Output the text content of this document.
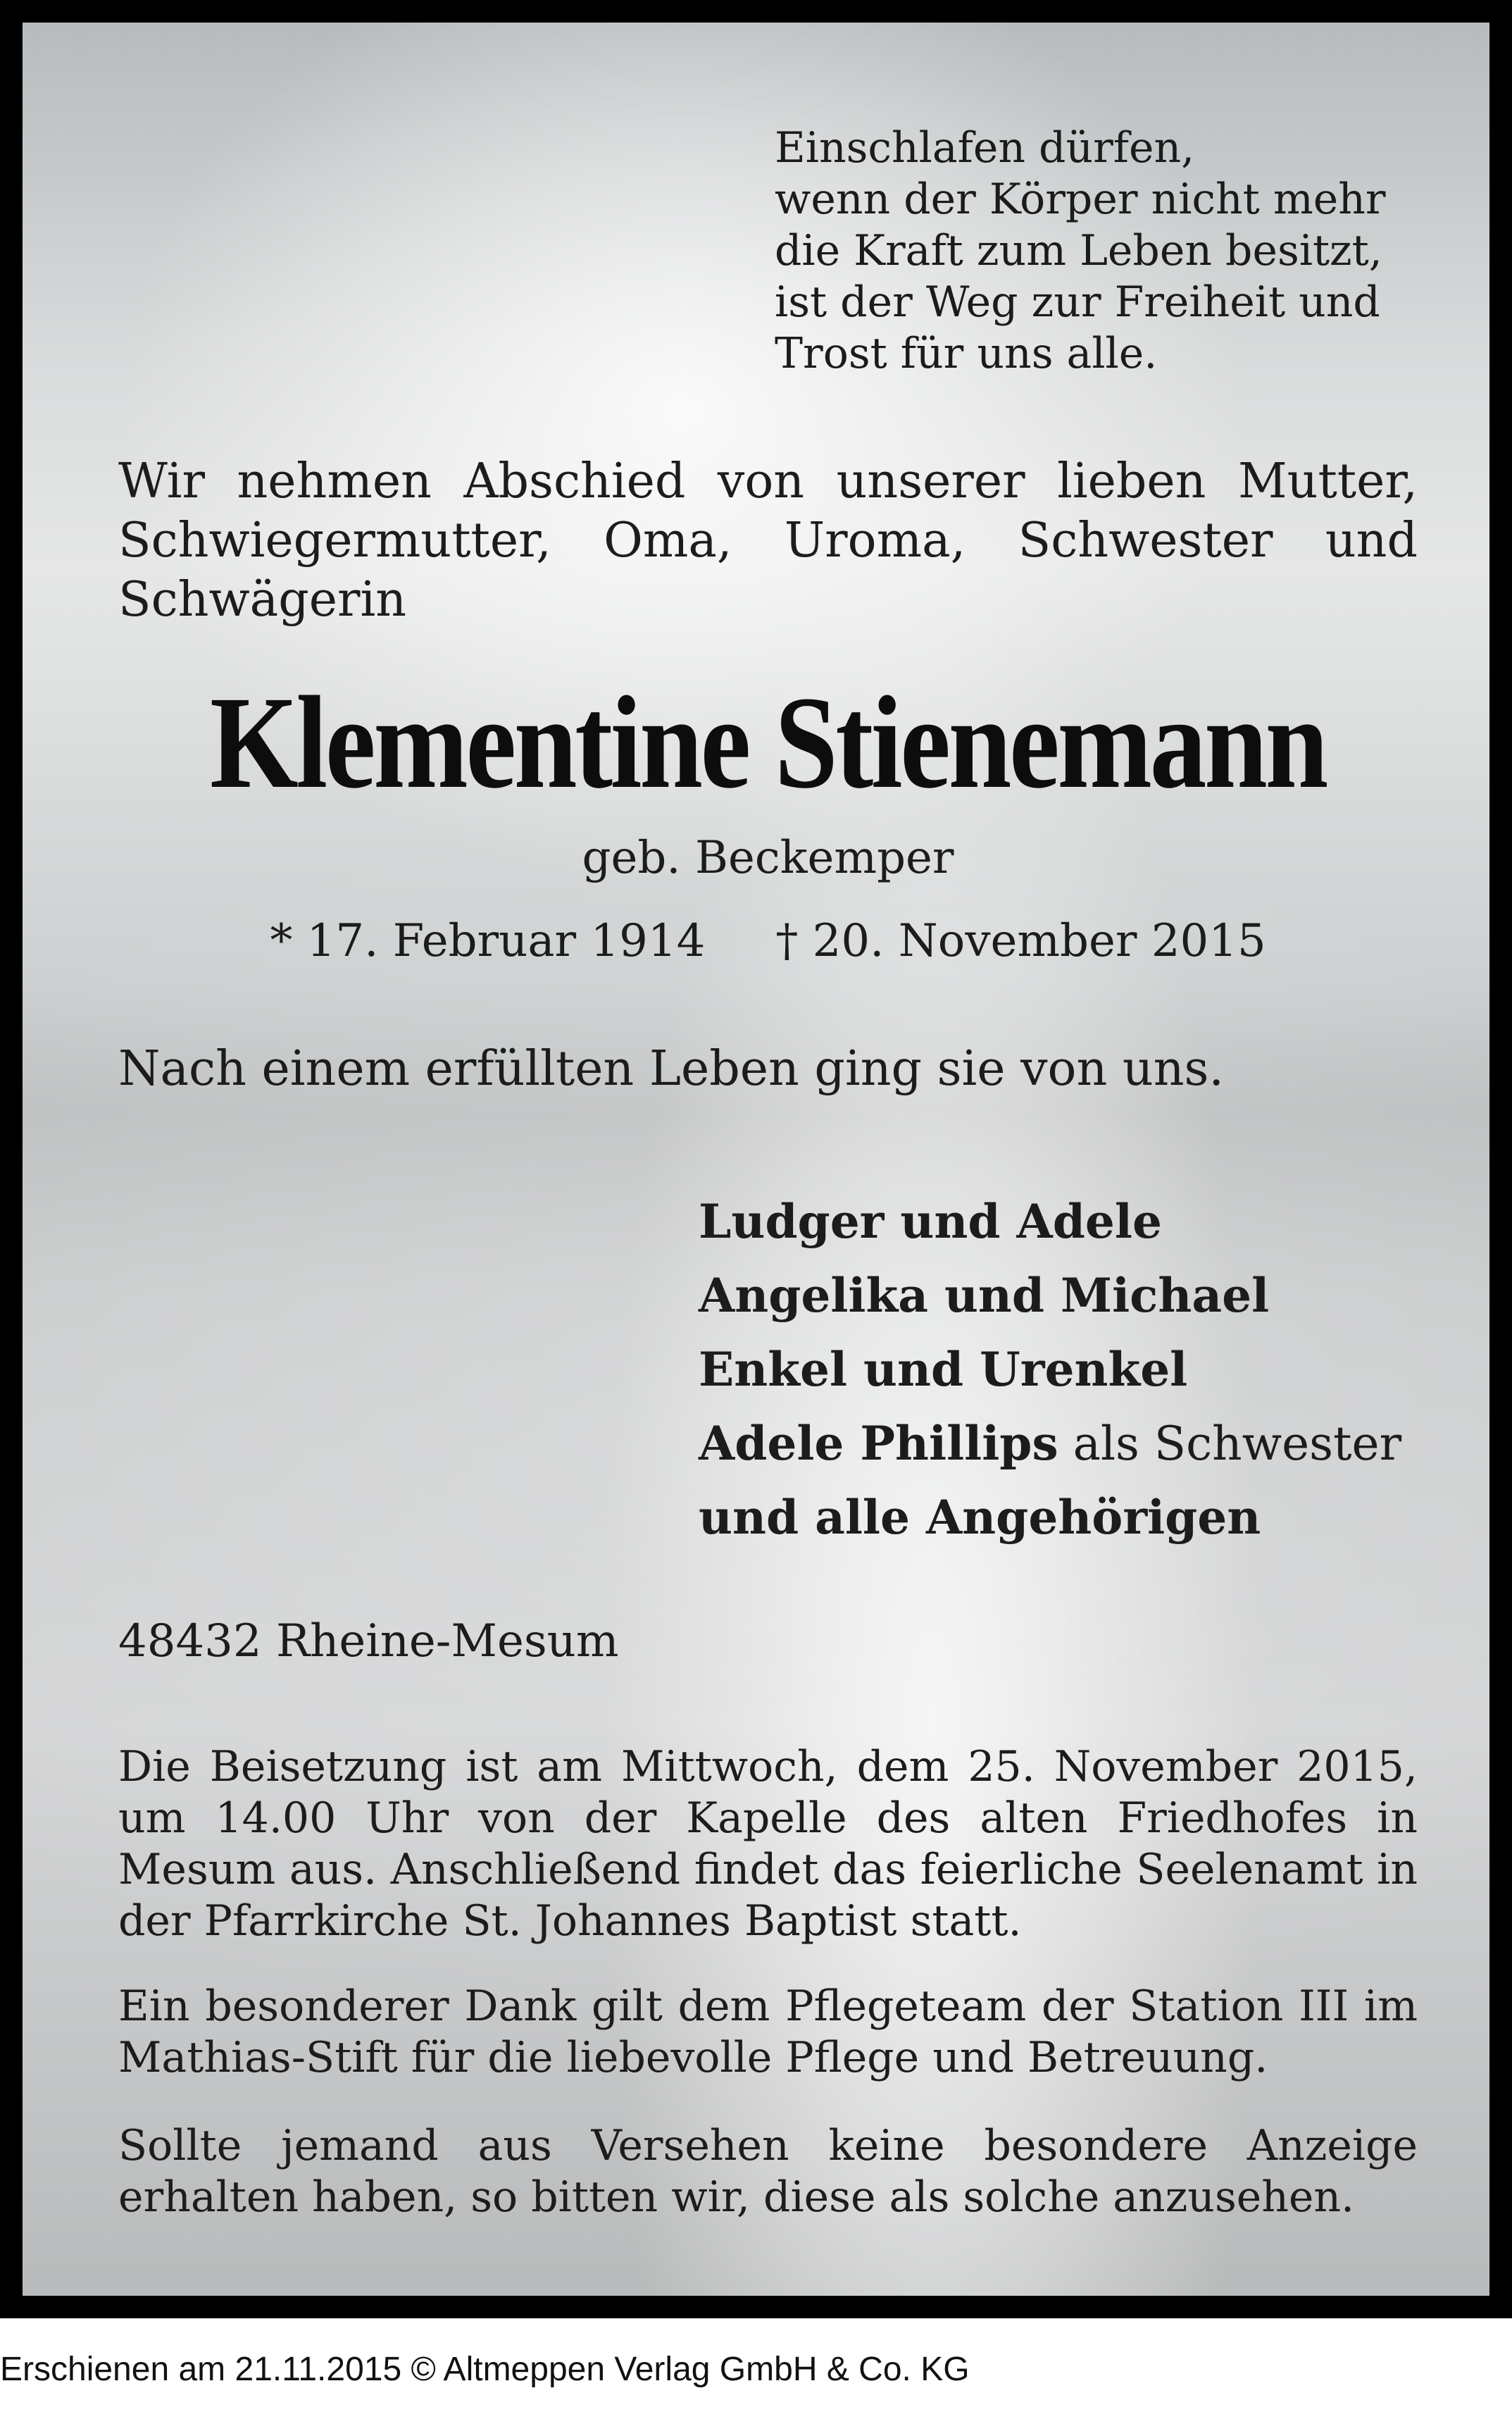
Einschlafen dürfen,
wenn der Körper nicht mehr
die Kraft zum Leben besitzt,
ist der Weg zur Freiheit und
Trost für uns alle.

Wir nehmen Abschied von unserer lieben Mutter, Schwiegermutter, Oma, Uroma, Schwester und Schwägerin

Klementine Stienemann
geb. Beckemper
* 17. Februar 1914 † 20. November 2015
Nach einem erfüllten Leben ging sie von uns.
Ludger und Adele
Angelika und Michael
Enkel und Urenkel
Adele Phillips als Schwester
und alle Angehörigen
48432 Rheine-Mesum

Die Beisetzung ist am Mittwoch, dem 25. November 2015, um 14.00 Uhr von der Kapelle des alten Friedhofes in Mesum aus. Anschließend findet das feierliche Seelenamt in der Pfarrkirche St. Johannes Baptist statt.

Ein besonderer Dank gilt dem Pflegeteam der Station III im Mathias-Stift für die liebevolle Pflege und Betreuung.

Sollte jemand aus Versehen keine besondere Anzeige erhalten haben, so bitten wir, diese als solche anzusehen.

Erschienen am 21.11.2015 © Altmeppen Verlag GmbH & Co. KG
